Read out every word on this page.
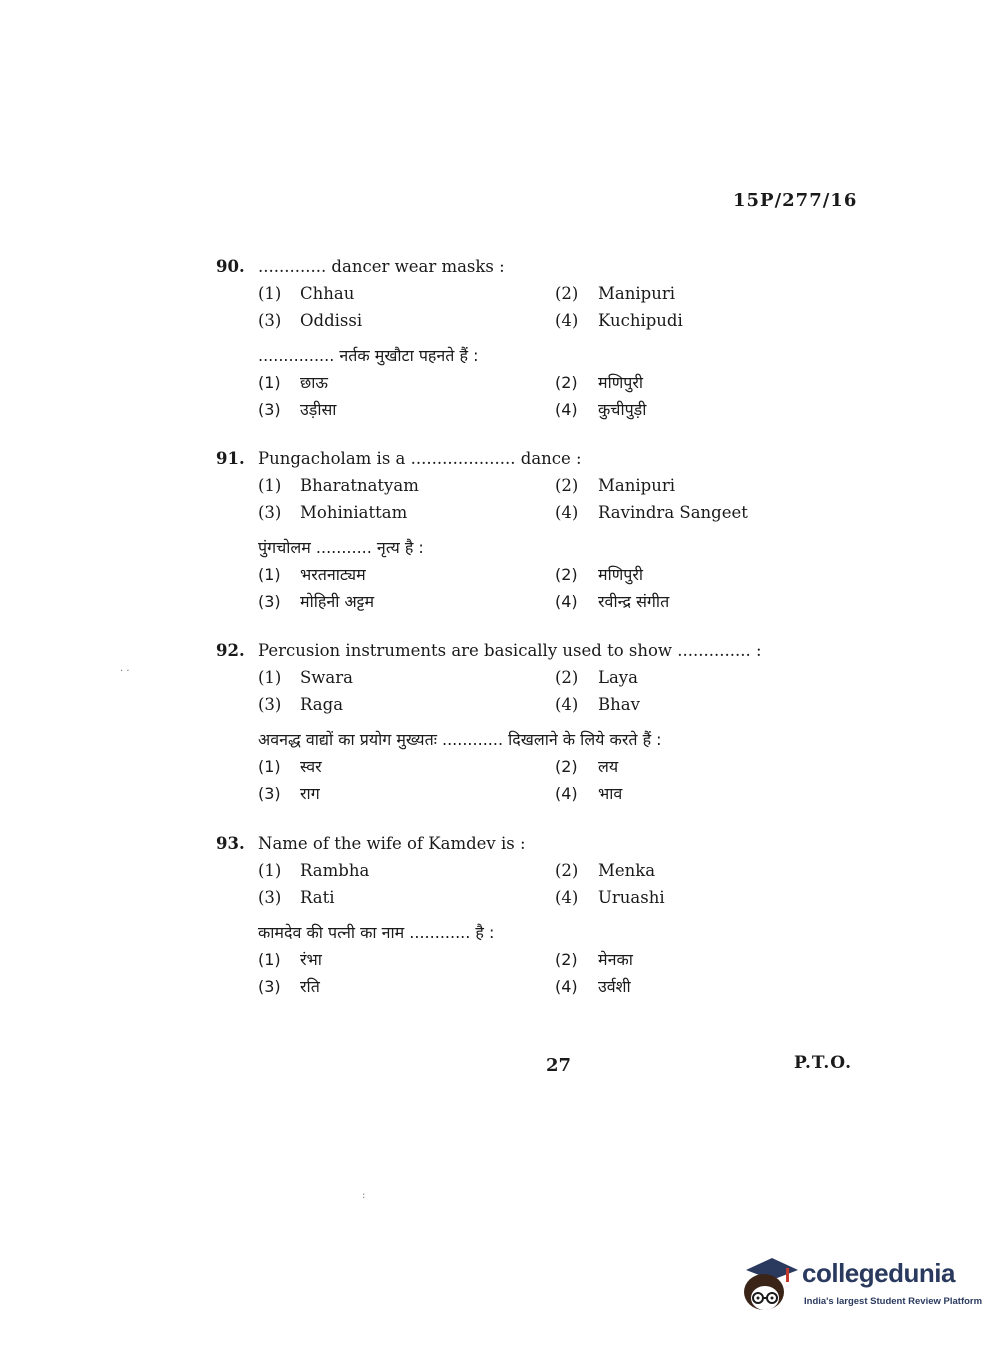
15P/277/16
90. ............. dancer wear masks :
(1) Chhau	(2) Manipuri
(3) Oddissi	(4) Kuchipudi
............... नर्तक मुखौटा पहनते हैं :
(1) छाऊ	(2) मणिपुरी
(3) उड़ीसा	(4) कुचीपुड़ी
91. Pungacholam is a .................... dance :
(1) Bharatnatyam	(2) Manipuri
(3) Mohiniattam	(4) Ravindra Sangeet
पुंगचोलम ........... नृत्य है :
(1) भरतनाट्यम	(2) मणिपुरी
(3) मोहिनी अट्टम	(4) रवीन्द्र संगीत
92. Percusion instruments are basically used to show .............. :
(1) Swara	(2) Laya
(3) Raga	(4) Bhav
अवनद्ध वाद्यों का प्रयोग मुख्यतः ............ दिखलाने के लिये करते हैं :
(1) स्वर	(2) लय
(3) राग	(4) भाव
93. Name of the wife of Kamdev is :
(1) Rambha	(2) Menka
(3) Rati	(4) Uruashi
कामदेव की पत्नी का नाम ............ है :
(1) रंभा	(2) मेनका
(3) रति	(4) उर्वशी
27	P.T.O.
· ·
:
collegedunia
India's largest Student Review Platform
